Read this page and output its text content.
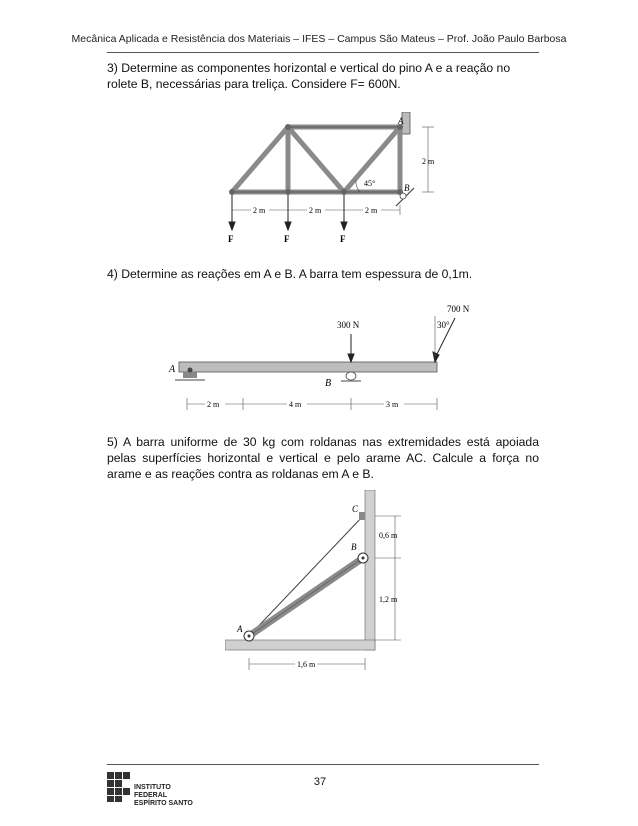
Mecânica Aplicada e Resistência dos Materiais – IFES – Campus São Mateus – Prof. João Paulo Barbosa
3) Determine as componentes horizontal e vertical do pino A e a reação no rolete B, necessárias para treliça. Considere F= 600N.
A
B
45°
2 m
2 m	2 m	2 m
F	F	F
4) Determine as reações em A e B. A barra tem espessura de 0,1m.
A
B
300 N
700 N
30°
2 m	4 m	3 m
5) A barra uniforme de 30 kg com roldanas nas extremidades está apoiada pelas superfícies horizontal e vertical e pelo arame AC. Calcule a força no arame e as reações contra as roldanas em A e B.
C
B
A
0,6 m
1,2 m
1,6 m
INSTITUTO FEDERAL
ESPÍRITO SANTO
37
